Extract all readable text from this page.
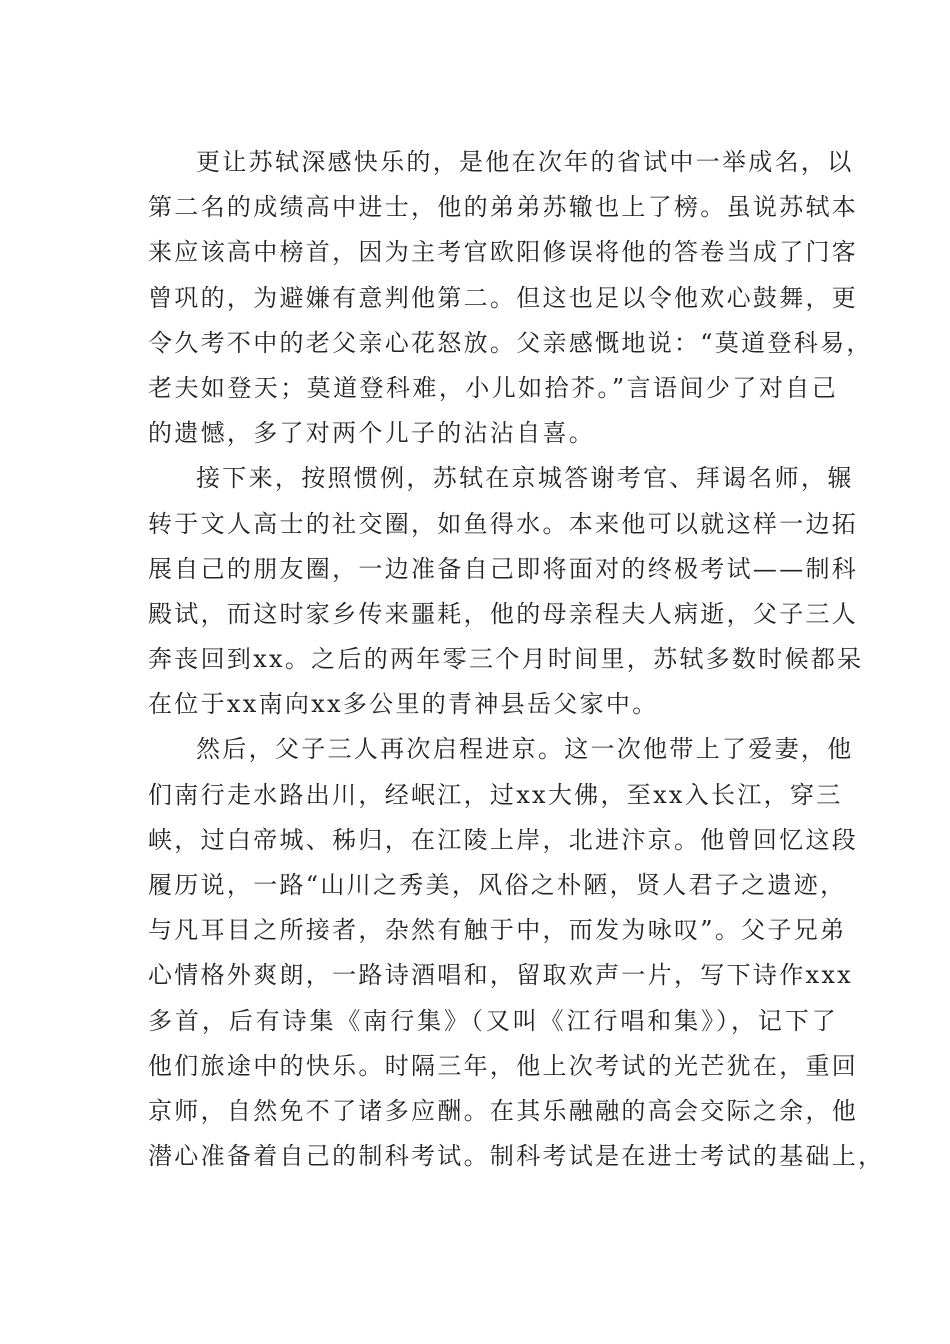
更让苏轼深感快乐的，是他在次年的省试中一举成名，以
第二名的成绩高中进士，他的弟弟苏辙也上了榜。虽说苏轼本
来应该高中榜首，因为主考官欧阳修误将他的答卷当成了门客
曾巩的，为避嫌有意判他第二。但这也足以令他欢心鼓舞，更
令久考不中的老父亲心花怒放。父亲感慨地说：“莫道登科易，
老夫如登天；莫道登科难，小儿如拾芥。”言语间少了对自己
的遗憾，多了对两个儿子的沾沾自喜。
接下来，按照惯例，苏轼在京城答谢考官、拜谒名师，辗
转于文人高士的社交圈，如鱼得水。本来他可以就这样一边拓
展自己的朋友圈，一边准备自己即将面对的终极考试——制科
殿试，而这时家乡传来噩耗，他的母亲程夫人病逝，父子三人
奔丧回到xx。之后的两年零三个月时间里，苏轼多数时候都呆
在位于xx南向xx多公里的青神县岳父家中。
然后，父子三人再次启程进京。这一次他带上了爱妻，他
们南行走水路出川，经岷江，过xx大佛，至xx入长江，穿三
峡，过白帝城、秭归，在江陵上岸，北进汴京。他曾回忆这段
履历说，一路“山川之秀美，风俗之朴陋，贤人君子之遗迹，
与凡耳目之所接者，杂然有触于中，而发为咏叹”。父子兄弟
心情格外爽朗，一路诗酒唱和，留取欢声一片，写下诗作xxx
多首，后有诗集《南行集》（又叫《江行唱和集》），记下了
他们旅途中的快乐。时隔三年，他上次考试的光芒犹在，重回
京师，自然免不了诸多应酬。在其乐融融的高会交际之余，他
潜心准备着自己的制科考试。制科考试是在进士考试的基础上，
